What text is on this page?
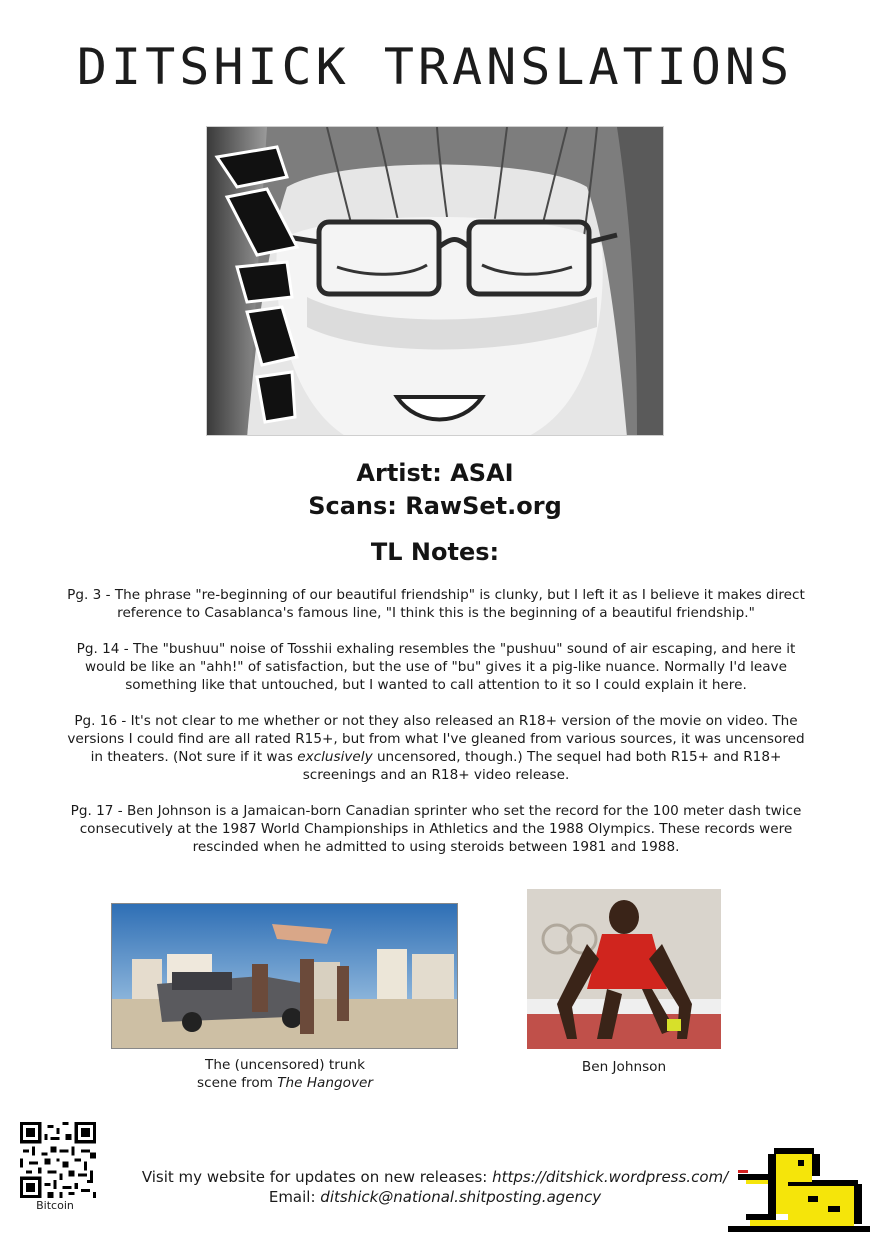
DITSHICK TRANSLATIONS
Artist: ASAI
Scans: RawSet.org
TL Notes:

Pg. 3 - The phrase "re-beginning of our beautiful friendship" is clunky, but I left it as I believe it makes direct reference to Casablanca's famous line, "I think this is the beginning of a beautiful friendship."

Pg. 14 - The "bushuu" noise of Tosshii exhaling resembles the "pushuu" sound of air escaping, and here it would be like an "ahh!" of satisfaction, but the use of "bu" gives it a pig-like nuance. Normally I'd leave something like that untouched, but I wanted to call attention to it so I could explain it here.

Pg. 16 - It's not clear to me whether or not they also released an R18+ version of the movie on video. The versions I could find are all rated R15+, but from what I've gleaned from various sources, it was uncensored in theaters. (Not sure if it was exclusively uncensored, though.) The sequel had both R15+ and R18+ screenings and an R18+ video release.

Pg. 17 - Ben Johnson is a Jamaican-born Canadian sprinter who set the record for the 100 meter dash twice consecutively at the 1987 World Championships in Athletics and the 1988 Olympics. These records were rescinded when he admitted to using steroids between 1981 and 1988.

The (uncensored) trunk
scene from The Hangover
Ben Johnson
Bitcoin
Visit my website for updates on new releases: https://ditshick.wordpress.com/
Email: ditshick@national.shitposting.agency
